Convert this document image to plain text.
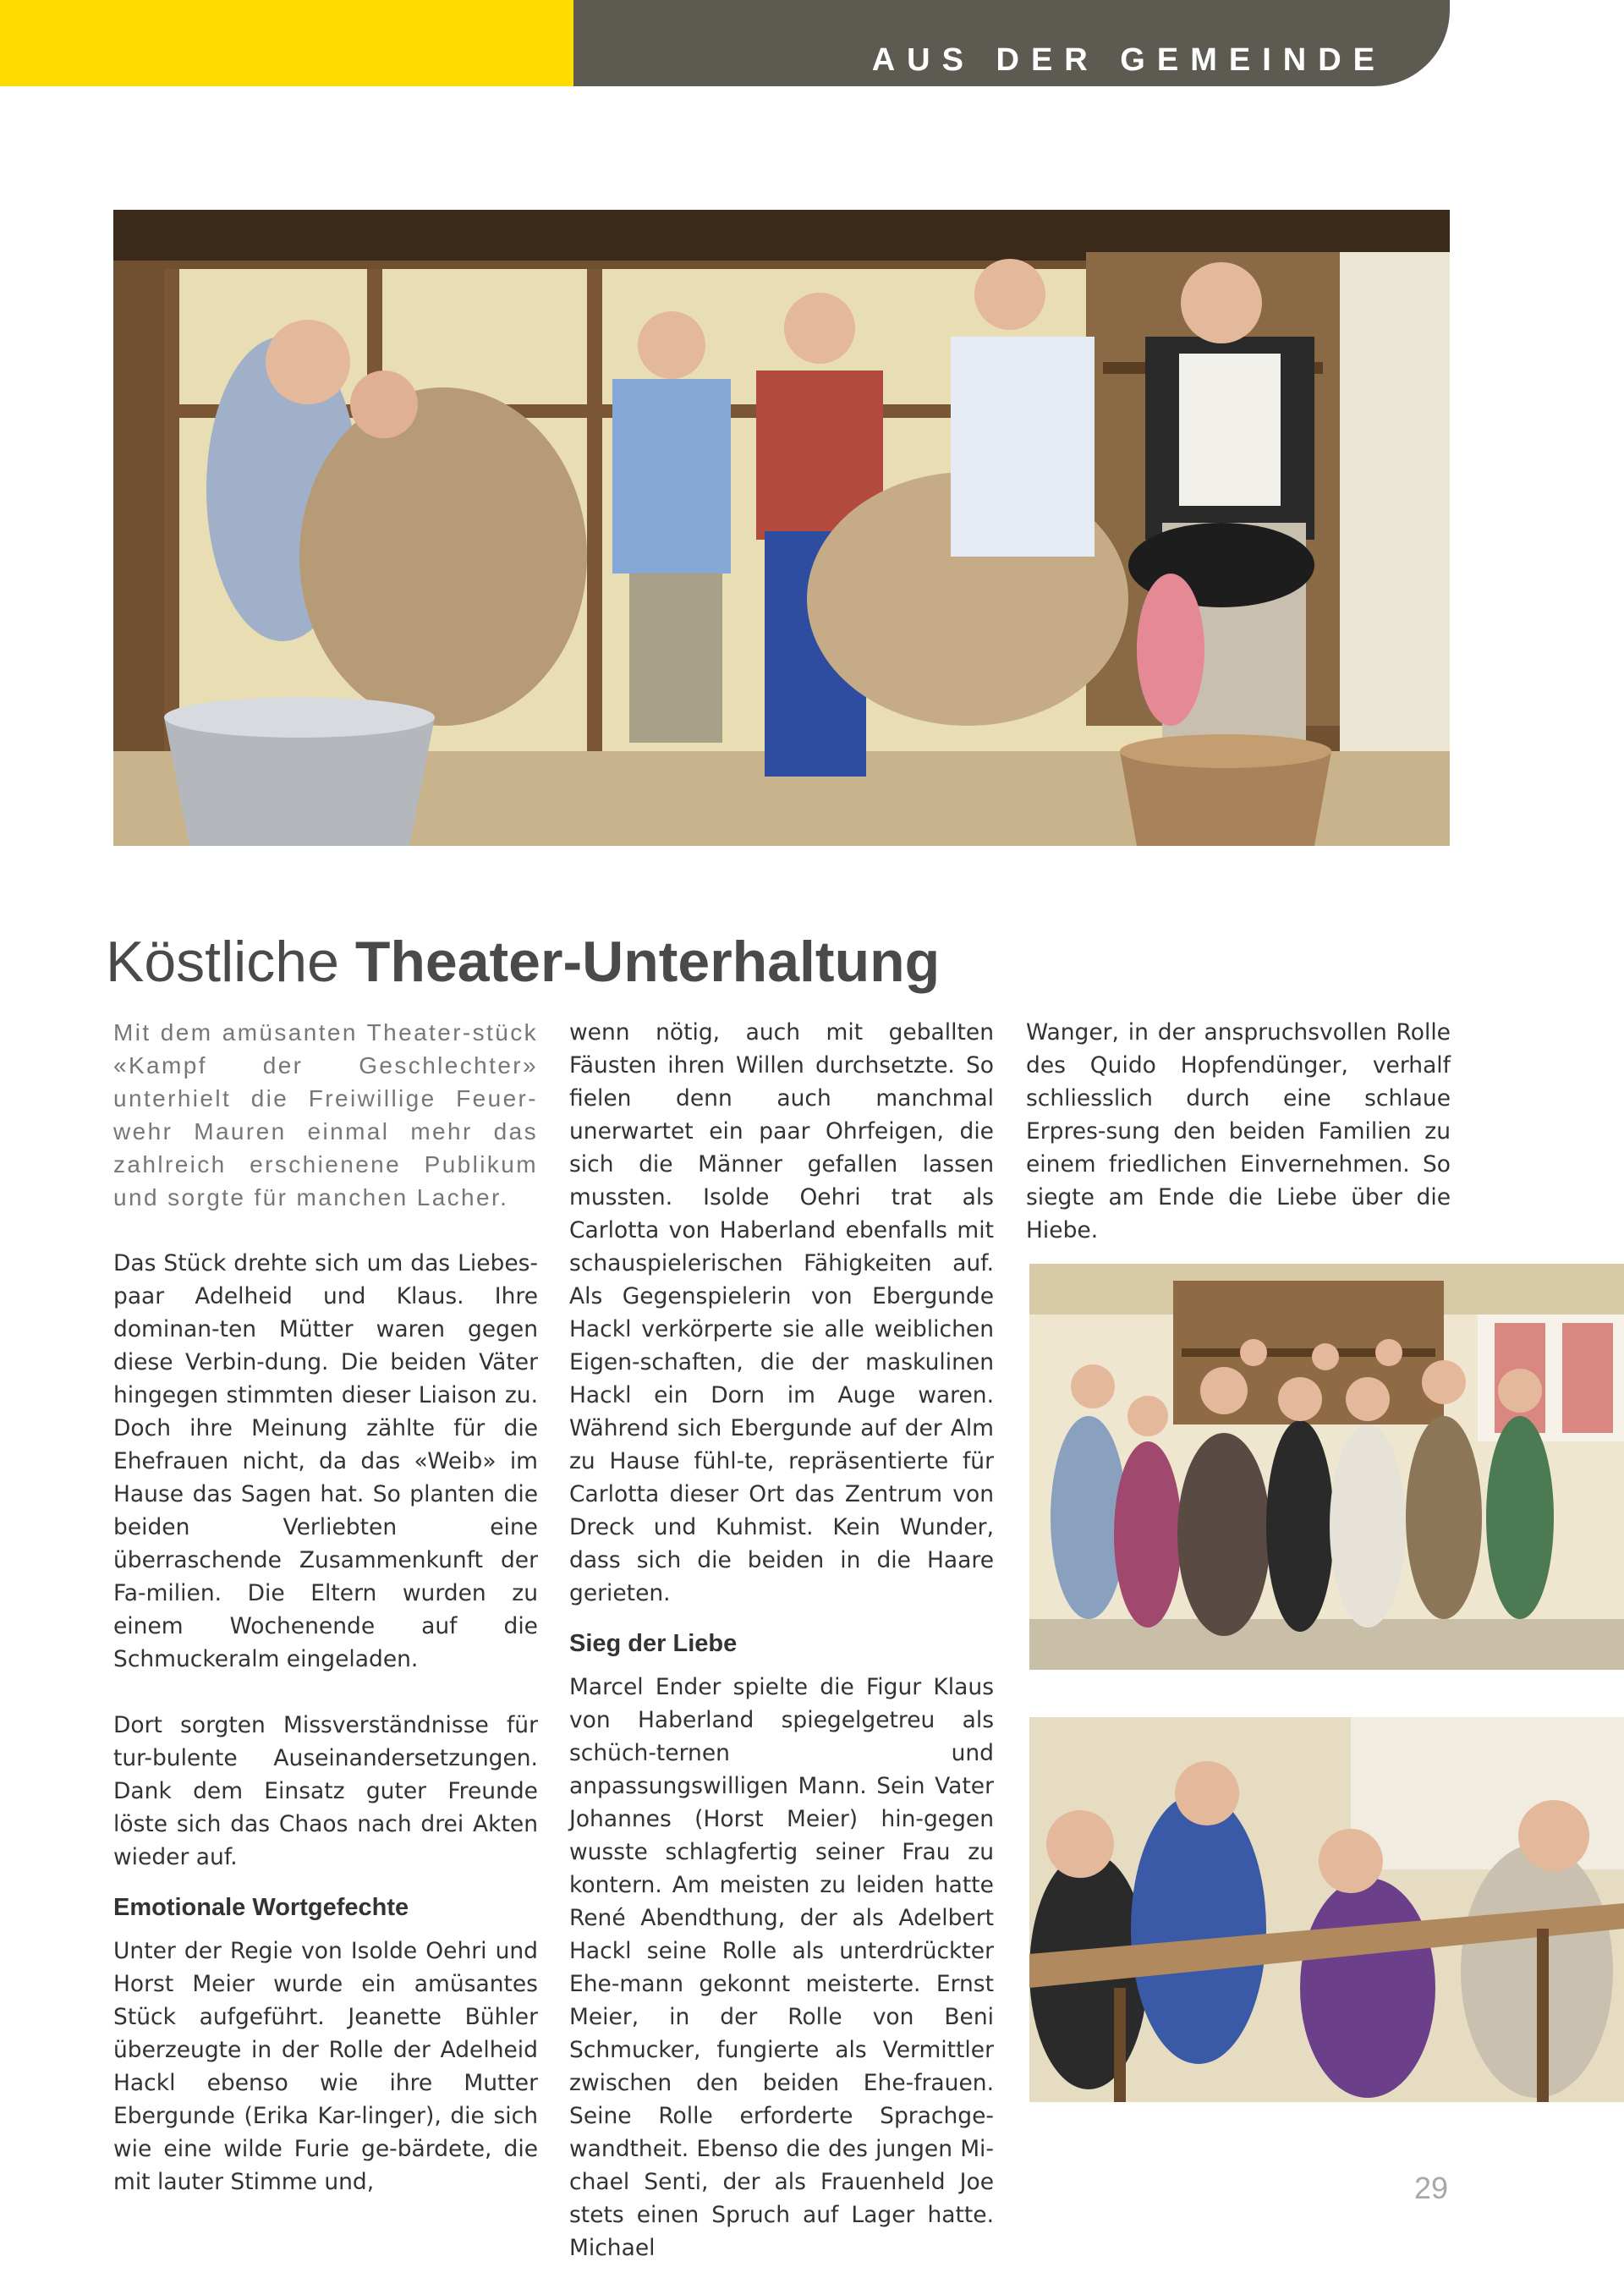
AUS DER GEMEINDE
Köstliche Theater-Unterhaltung

Mit dem amüsanten Theater-stück «Kampf der Geschlechter» unterhielt die Freiwillige Feuer-wehr Mauren einmal mehr das zahlreich erschienene Publikum und sorgte für manchen Lacher.

Das Stück drehte sich um das Liebes-paar Adelheid und Klaus. Ihre dominan-ten Mütter waren gegen diese Verbin-dung. Die beiden Väter hingegen stimmten dieser Liaison zu. Doch ihre Meinung zählte für die Ehefrauen nicht, da das «Weib» im Hause das Sagen hat. So planten die beiden Verliebten eine überraschende Zusammenkunft der Fa-milien. Die Eltern wurden zu einem Wochenende auf die Schmuckeralm eingeladen.

Dort sorgten Missverständnisse für tur-bulente Auseinandersetzungen. Dank dem Einsatz guter Freunde löste sich das Chaos nach drei Akten wieder auf.

Emotionale Wortgefechte

Unter der Regie von Isolde Oehri und Horst Meier wurde ein amüsantes Stück aufgeführt. Jeanette Bühler überzeugte in der Rolle der Adelheid Hackl ebenso wie ihre Mutter Ebergunde (Erika Kar-linger), die sich wie eine wilde Furie ge-bärdete, die mit lauter Stimme und,

wenn nötig, auch mit geballten Fäusten ihren Willen durchsetzte. So fielen denn auch manchmal unerwartet ein paar Ohrfeigen, die sich die Männer gefallen lassen mussten. Isolde Oehri trat als Carlotta von Haberland ebenfalls mit schauspielerischen Fähigkeiten auf. Als Gegenspielerin von Ebergunde Hackl verkörperte sie alle weiblichen Eigen-schaften, die der maskulinen Hackl ein Dorn im Auge waren. Während sich Ebergunde auf der Alm zu Hause fühl-te, repräsentierte für Carlotta dieser Ort das Zentrum von Dreck und Kuhmist. Kein Wunder, dass sich die beiden in die Haare gerieten.

Sieg der Liebe

Marcel Ender spielte die Figur Klaus von Haberland spiegelgetreu als schüch-ternen und anpassungswilligen Mann. Sein Vater Johannes (Horst Meier) hin-gegen wusste schlagfertig seiner Frau zu kontern. Am meisten zu leiden hatte René Abendthung, der als Adelbert Hackl seine Rolle als unterdrückter Ehe-mann gekonnt meisterte. Ernst Meier, in der Rolle von Beni Schmucker, fungierte als Vermittler zwischen den beiden Ehe-frauen. Seine Rolle erforderte Sprachge-wandtheit. Ebenso die des jungen Mi-chael Senti, der als Frauenheld Joe stets einen Spruch auf Lager hatte. Michael

Wanger, in der anspruchsvollen Rolle des Quido Hopfendünger, verhalf schliesslich durch eine schlaue Erpres-sung den beiden Familien zu einem friedlichen Einvernehmen. So siegte am Ende die Liebe über die Hiebe.

29
